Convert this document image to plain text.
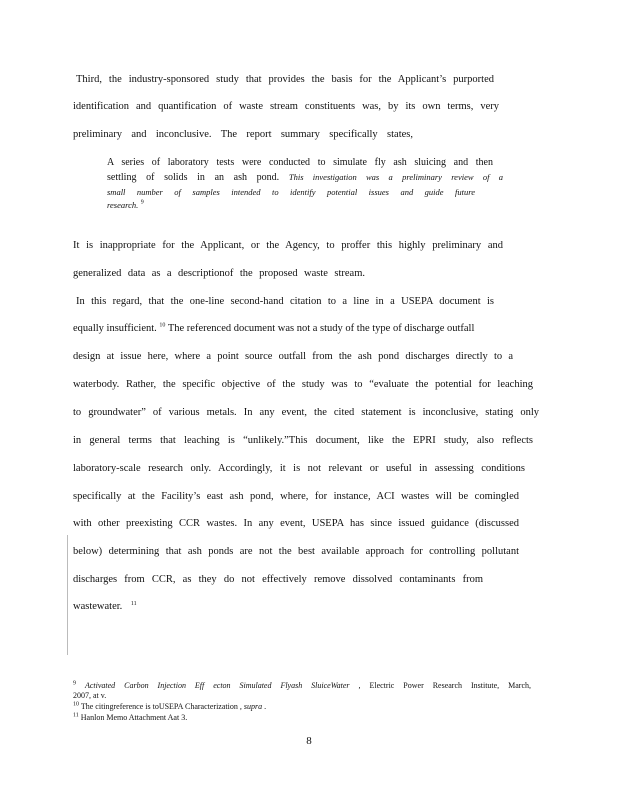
Third, the industry-sponsored study that provides the basis for the Applicant’s purported
identification and quantification of waste stream constituents was, by its own terms, very
preliminary and inconclusive. The report summary specifically states,
A series of laboratory tests were conducted to simulate fly ash sluicing and then
settling of solids in an ash pond. This investigation was a preliminary review of a
small number of samples intended to identify potential issues and guide future
research. $^9$
It is inappropriate for the Applicant, or the Agency, to proffer this highly preliminary and
generalized data as a descriptionof the proposed waste stream.
In this regard, that the one-line second-hand citation to a line in a USEPA document is
equally insufficient. $^{10}$ The referenced document was not a study of the type of discharge outfall
design at issue here, where a point source outfall from the ash pond discharges directly to a
waterbody. Rather, the specific objective of the study was to “evaluate the potential for leaching
to groundwater” of various metals. In any event, the cited statement is inconclusive, stating only
in general terms that leaching is “unlikely.”This document, like the EPRI study, also reflects
laboratory-scale research only. Accordingly, it is not relevant or useful in assessing conditions
specifically at the Facility’s east ash pond, where, for instance, ACI wastes will be comingled
with other preexisting CCR wastes. In any event, USEPA has since issued guidance (discussed
below) determining that ash ponds are not the best available approach for controlling pollutant
discharges from CCR, as they do not effectively remove dissolved contaminants from
wastewater. $^{11}$
$^9$ Activated Carbon Injection Eff ecton Simulated Flyash SluiceWater , Electric Power Research Institute, March,
2007, at v.
$^{10}$ The citingreference is toUSEPA Characterization , supra .
$^{11}$ Hanlon Memo Attachment Aat 3.
8
